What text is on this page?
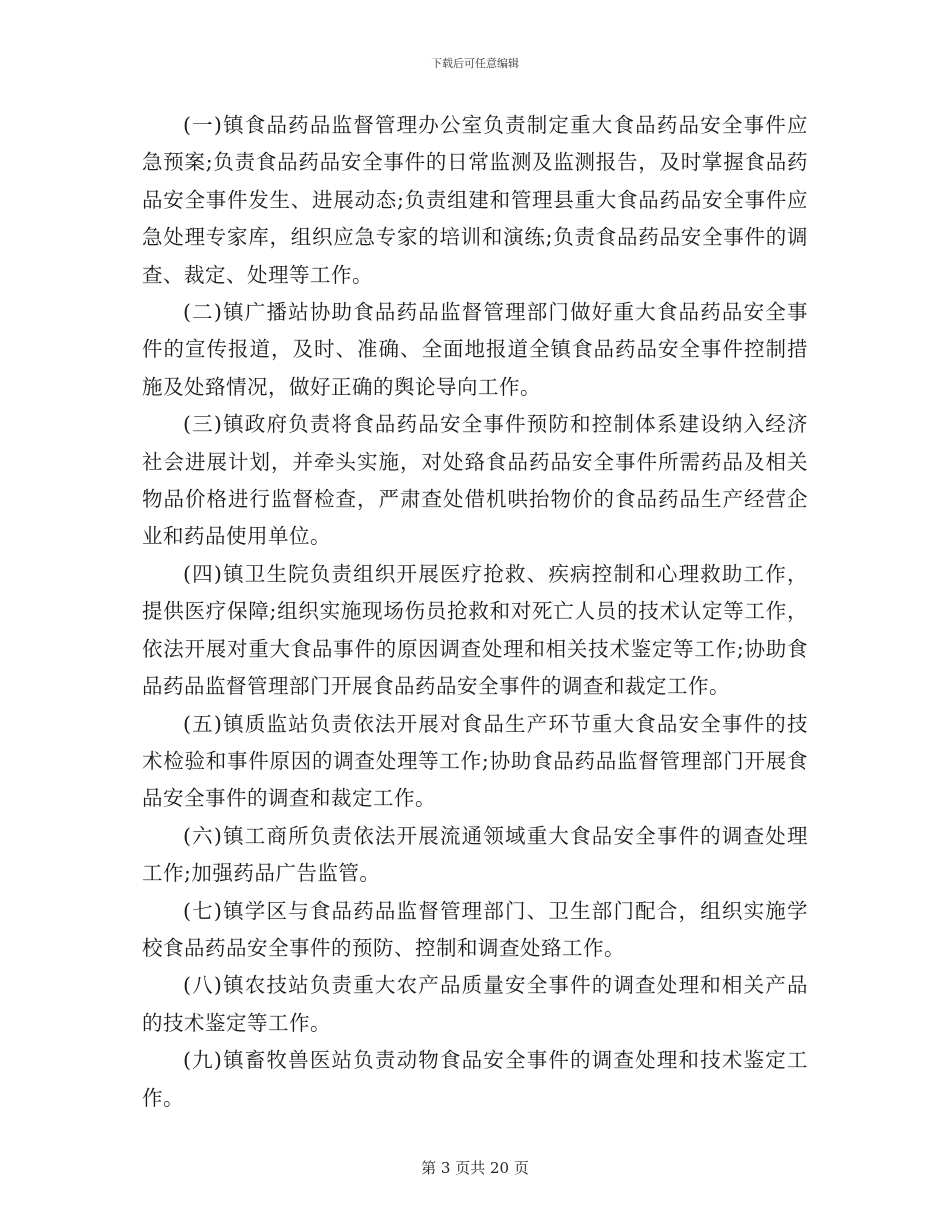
下载后可任意编辑

(一)镇食品药品监督管理办公室负责制定重大食品药品安全事件应急预案;负责食品药品安全事件的日常监测及监测报告，及时掌握食品药品安全事件发生、进展动态;负责组建和管理县重大食品药品安全事件应急处理专家库，组织应急专家的培训和演练;负责食品药品安全事件的调查、裁定、处理等工作。

(二)镇广播站协助食品药品监督管理部门做好重大食品药品安全事件的宣传报道，及时、准确、全面地报道全镇食品药品安全事件控制措施及处臵情况，做好正确的舆论导向工作。

(三)镇政府负责将食品药品安全事件预防和控制体系建设纳入经济社会进展计划，并牵头实施，对处臵食品药品安全事件所需药品及相关物品价格进行监督检查，严肃查处借机哄抬物价的食品药品生产经营企业和药品使用单位。

(四)镇卫生院负责组织开展医疗抢救、疾病控制和心理救助工作，提供医疗保障;组织实施现场伤员抢救和对死亡人员的技术认定等工作，依法开展对重大食品事件的原因调查处理和相关技术鉴定等工作;协助食品药品监督管理部门开展食品药品安全事件的调查和裁定工作。

(五)镇质监站负责依法开展对食品生产环节重大食品安全事件的技术检验和事件原因的调查处理等工作;协助食品药品监督管理部门开展食品安全事件的调查和裁定工作。

(六)镇工商所负责依法开展流通领域重大食品安全事件的调查处理工作;加强药品广告监管。

(七)镇学区与食品药品监督管理部门、卫生部门配合，组织实施学校食品药品安全事件的预防、控制和调查处臵工作。

(八)镇农技站负责重大农产品质量安全事件的调查处理和相关产品的技术鉴定等工作。

(九)镇畜牧兽医站负责动物食品安全事件的调查处理和技术鉴定工作。

第 3 页共 20 页
